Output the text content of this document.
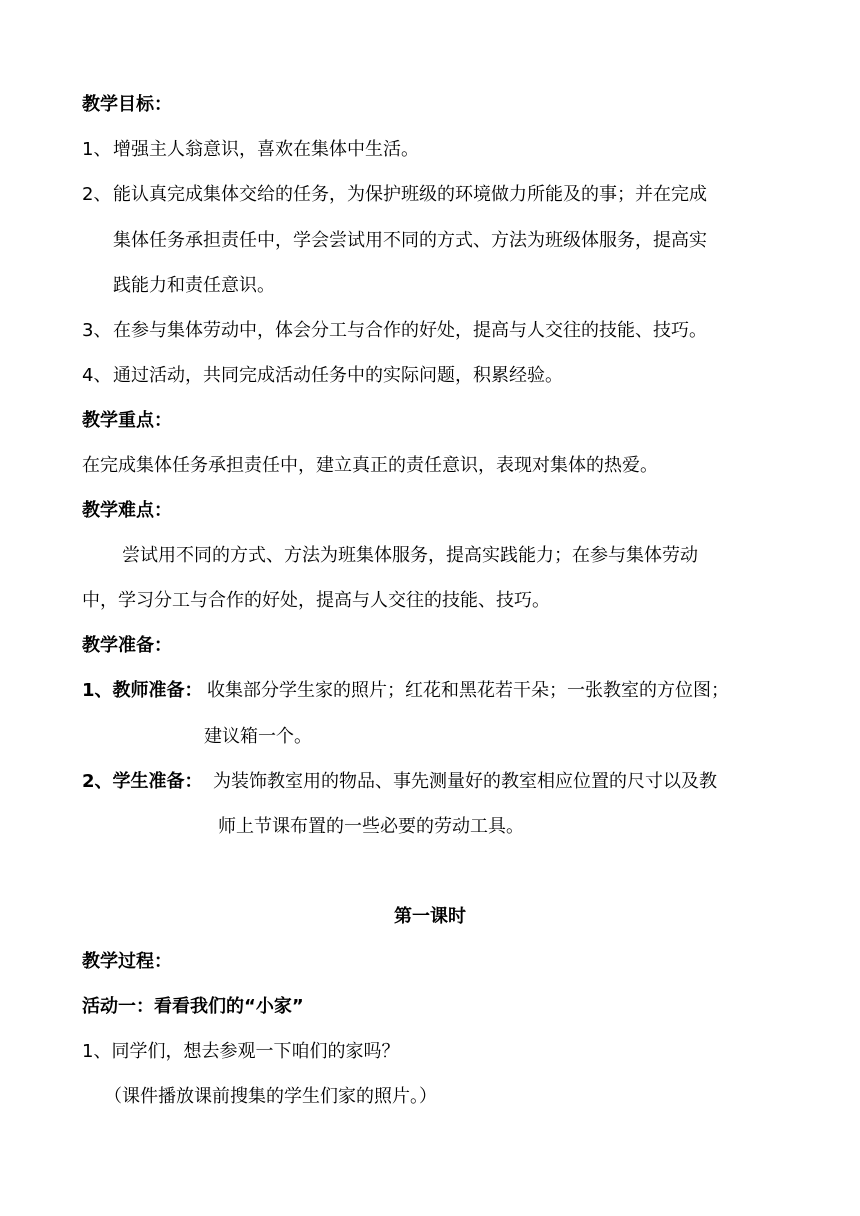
教学目标：
1、 增强主人翁意识，喜欢在集体中生活。
2、 能认真完成集体交给的任务，为保护班级的环境做力所能及的事；并在完成
集体任务承担责任中，学会尝试用不同的方式、方法为班级体服务，提高实
践能力和责任意识。
3、 在参与集体劳动中，体会分工与合作的好处，提高与人交往的技能、技巧。
4、 通过活动，共同完成活动任务中的实际问题，积累经验。
教学重点：
在完成集体任务承担责任中，建立真正的责任意识，表现对集体的热爱。
教学难点：
尝试用不同的方式、方法为班集体服务，提高实践能力；在参与集体劳动
中，学习分工与合作的好处，提高与人交往的技能、技巧。
教学准备：
1、教师准备： 收集部分学生家的照片；红花和黑花若干朵；一张教室的方位图；
建议箱一个。
2、学生准备： 为装饰教室用的物品、事先测量好的教室相应位置的尺寸以及教
师上节课布置的一些必要的劳动工具。
第一课时
教学过程：
活动一：看看我们的“小家”
1、同学们，想去参观一下咱们的家吗？
（课件播放课前搜集的学生们家的照片。）
